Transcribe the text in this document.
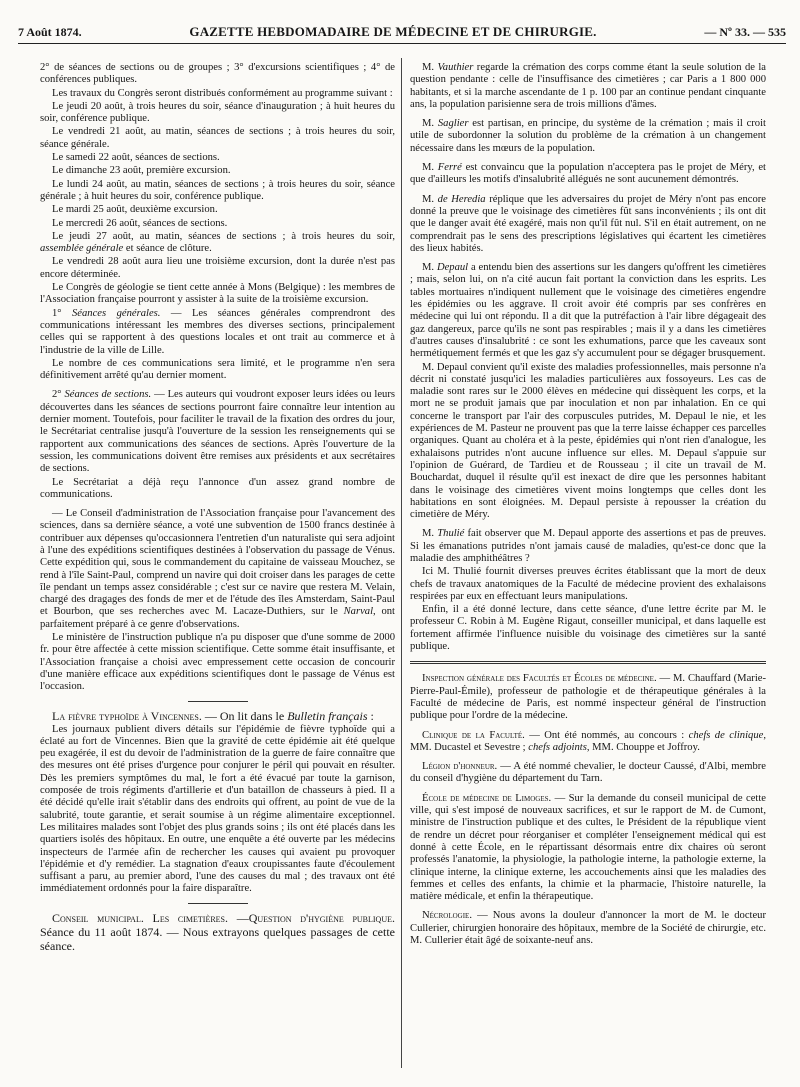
7 Août 1874.	GAZETTE HEBDOMADAIRE DE MÉDECINE ET DE CHIRURGIE.	— Nº 33. — 535

2° de séances de sections ou de groupes ; 3° d'excursions scientifiques ; 4° de conférences publiques.

Les travaux du Congrès seront distribués conformément au programme suivant :

Le jeudi 20 août, à trois heures du soir, séance d'inauguration ; à huit heures du soir, conférence publique.

Le vendredi 21 août, au matin, séances de sections ; à trois heures du soir, séance générale.

Le samedi 22 août, séances de sections.

Le dimanche 23 août, première excursion.

Le lundi 24 août, au matin, séances de sections ; à trois heures du soir, séance générale ; à huit heures du soir, conférence publique.

Le mardi 25 août, deuxième excursion.

Le mercredi 26 août, séances de sections.

Le jeudi 27 août, au matin, séances de sections ; à trois heures du soir, assemblée générale et séance de clôture.

Le vendredi 28 août aura lieu une troisième excursion, dont la durée n'est pas encore déterminée.

Le Congrès de géologie se tient cette année à Mons (Belgique) : les membres de l'Association française pourront y assister à la suite de la troisième excursion.

1° Séances générales. — Les séances générales comprendront des communications intéressant les membres des diverses sections, principalement celles qui se rapportent à des questions locales et ont trait au commerce et à l'industrie de la ville de Lille.

Le nombre de ces communications sera limité, et le programme n'en sera définitivement arrêté qu'au dernier moment.

2° Séances de sections. — Les auteurs qui voudront exposer leurs idées ou leurs découvertes dans les séances de sections pourront faire connaître leur intention au dernier moment. Toutefois, pour faciliter le travail de la fixation des ordres du jour, le Secrétariat centralise jusqu'à l'ouverture de la session les renseignements qui se rapportent aux communications des séances de sections. Après l'ouverture de la session, les communications doivent être remises aux présidents et aux secrétaires de sections.

Le Secrétariat a déjà reçu l'annonce d'un assez grand nombre de communications.

— Le Conseil d'administration de l'Association française pour l'avancement des sciences, dans sa dernière séance, a voté une subvention de 1500 francs destinée à contribuer aux dépenses qu'occasionnera l'entretien d'un naturaliste qui sera adjoint à l'une des expéditions scientifiques destinées à l'observation du passage de Vénus. Cette expédition qui, sous le commandement du capitaine de vaisseau Mouchez, se rend à l'île Saint-Paul, comprend un navire qui doit croiser dans les parages de cette île pendant un temps assez considérable ; c'est sur ce navire que restera M. Velain, chargé des dragages des fonds de mer et de l'étude des îles Amsterdam, Saint-Paul et Bourbon, que ses recherches avec M. Lacaze-Duthiers, sur le Narval, ont parfaitement préparé à ce genre d'observations.

Le ministère de l'instruction publique n'a pu disposer que d'une somme de 2000 fr. pour être affectée à cette mission scientifique. Cette somme était insuffisante, et l'Association française a choisi avec empressement cette occasion de concourir d'une manière efficace aux expéditions scientifiques dont le passage de Vénus est l'occasion.

La fièvre typhoïde à Vincennes. — On lit dans le Bulletin français :

Les journaux publient divers détails sur l'épidémie de fièvre typhoïde qui a éclaté au fort de Vincennes. Bien que la gravité de cette épidémie ait été quelque peu exagérée, il est du devoir de l'administration de la guerre de faire connaître que des mesures ont été prises d'urgence pour conjurer le péril qui pouvait en résulter. Dès les premiers symptômes du mal, le fort a été évacué par toute la garnison, composée de trois régiments d'artillerie et d'un bataillon de chasseurs à pied. Il a été décidé qu'elle irait s'établir dans des endroits qui offrent, au point de vue de la salubrité, toute garantie, et serait soumise à un régime alimentaire exceptionnel. Les militaires malades sont l'objet des plus grands soins ; ils ont été placés dans les quartiers isolés des hôpitaux. En outre, une enquête a été ouverte par les médecins inspecteurs de l'armée afin de rechercher les causes qui avaient pu provoquer l'épidémie et d'y remédier. La stagnation d'eaux croupissantes faute d'écoulement suffisant a paru, au premier abord, l'une des causes du mal ; des travaux ont été immédiatement ordonnés pour la faire disparaître.

Conseil municipal. Les cimetières. —Question d'hygiène publique. Séance du 11 août 1874. — Nous extrayons quelques passages de cette séance.

M. Vauthier regarde la crémation des corps comme étant la seule solution de la question pendante : celle de l'insuffisance des cimetières ; car Paris a 1 800 000 habitants, et si la marche ascendante de 1 p. 100 par an continue pendant cinquante ans, la population parisienne sera de trois millions d'âmes.

M. Saglier est partisan, en principe, du système de la crémation ; mais il croit utile de subordonner la solution du problème de la crémation à un changement nécessaire dans les mœurs de la population.

M. Ferré est convaincu que la population n'acceptera pas le projet de Méry, et que d'ailleurs les motifs d'insalubrité allégués ne sont aucunement démontrés.

M. de Heredia réplique que les adversaires du projet de Méry n'ont pas encore donné la preuve que le voisinage des cimetières fût sans inconvénients ; ils ont dit que le danger avait été exagéré, mais non qu'il fût nul. S'il en était autrement, on ne comprendrait pas le sens des prescriptions législatives qui écartent les cimetières des lieux habités.

M. Depaul a entendu bien des assertions sur les dangers qu'offrent les cimetières ; mais, selon lui, on n'a cité aucun fait portant la conviction dans les esprits. Les tables mortuaires n'indiquent nullement que le voisinage des cimetières engendre les épidémies ou les aggrave. Il croit avoir été compris par ses confrères en médecine qui lui ont répondu. Il a dit que la putréfaction à l'air libre dégageait des gaz dangereux, parce qu'ils ne sont pas respirables ; mais il y a dans les cimetières d'autres causes d'insalubrité : ce sont les exhumations, parce que les caveaux sont hermétiquement fermés et que les gaz s'y accumulent pour se dégager brusquement.

M. Depaul convient qu'il existe des maladies professionnelles, mais personne n'a décrit ni constaté jusqu'ici les maladies particulières aux fossoyeurs. Les cas de maladie sont rares sur le 2000 élèves en médecine qui dissèquent les corps, et la mort ne se produit jamais que par inoculation et non par inhalation. En ce qui concerne le transport par l'air des corpuscules putrides, M. Depaul le nie, et les expériences de M. Pasteur ne prouvent pas que la terre laisse échapper ces parcelles organiques. Quant au choléra et à la peste, épidémies qui n'ont rien d'analogue, les exhalaisons putrides n'ont aucune influence sur elles. M. Depaul s'appuie sur l'opinion de Guérard, de Tardieu et de Rousseau ; il cite un travail de M. Bouchardat, duquel il résulte qu'il est inexact de dire que les personnes habitant dans le voisinage des cimetières vivent moins longtemps que celles dont les habitations en sont éloignées. M. Depaul persiste à repousser la création du cimetière de Méry.

M. Thulié fait observer que M. Depaul apporte des assertions et pas de preuves. Si les émanations putrides n'ont jamais causé de maladies, qu'est-ce donc que la maladie des amphithéâtres ?

Ici M. Thulié fournit diverses preuves écrites établissant que la mort de deux chefs de travaux anatomiques de la Faculté de médecine provient des exhalaisons respirées par eux en effectuant leurs manipulations.

Enfin, il a été donné lecture, dans cette séance, d'une lettre écrite par M. le professeur C. Robin à M. Eugène Rigaut, conseiller municipal, et dans laquelle est fortement affirmée l'influence nuisible du voisinage des cimetières sur la santé publique.

Inspection générale des Facultés et Écoles de médecine. — M. Chauffard (Marie-Pierre-Paul-Émile), professeur de pathologie et de thérapeutique générales à la Faculté de médecine de Paris, est nommé inspecteur général de l'instruction publique pour l'ordre de la médecine.

Clinique de la Faculté. — Ont été nommés, au concours : chefs de clinique, MM. Ducastel et Sevestre ; chefs adjoints, MM. Chouppe et Joffroy.

Légion d'honneur. — A été nommé chevalier, le docteur Caussé, d'Albi, membre du conseil d'hygiène du département du Tarn.

École de médecine de Limoges. — Sur la demande du conseil municipal de cette ville, qui s'est imposé de nouveaux sacrifices, et sur le rapport de M. de Cumont, ministre de l'instruction publique et des cultes, le Président de la république vient de rendre un décret pour réorganiser et compléter l'enseignement médical qui est donné à cette École, en le répartissant désormais entre dix chaires où seront professés l'anatomie, la physiologie, la pathologie interne, la pathologie externe, la clinique interne, la clinique externe, les accouchements ainsi que les maladies des femmes et celles des enfants, la chimie et la pharmacie, l'histoire naturelle, la matière médicale, et enfin la thérapeutique.

Nécrologie. — Nous avons la douleur d'annoncer la mort de M. le docteur Cullerier, chirurgien honoraire des hôpitaux, membre de la Société de chirurgie, etc. M. Cullerier était âgé de soixante-neuf ans.
